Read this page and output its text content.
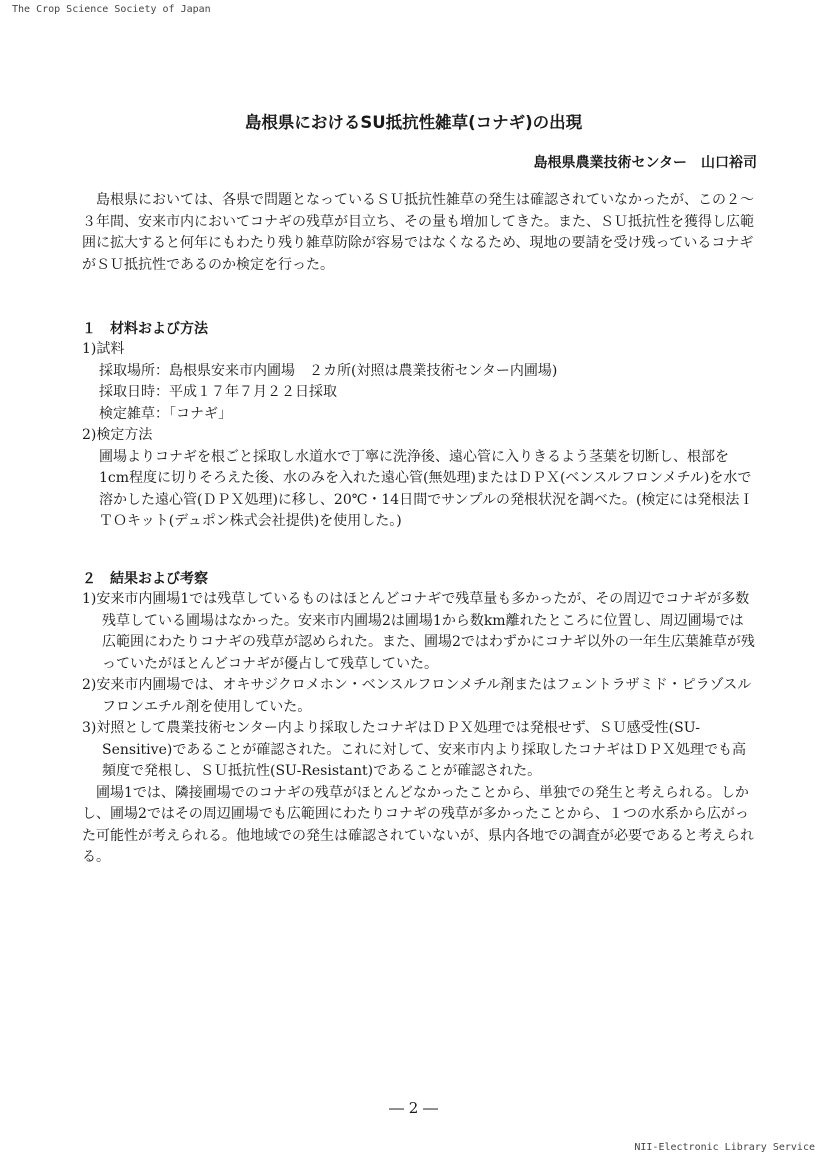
The Crop Science Society of Japan
島根県におけるSU抵抗性雑草(コナギ)の出現
島根県農業技術センター　山口裕司

島根県においては、各県で問題となっているＳＵ抵抗性雑草の発生は確認されていなかったが、この２～３年間、安来市内においてコナギの残草が目立ち、その量も増加してきた。また、ＳＵ抵抗性を獲得し広範囲に拡大すると何年にもわたり残り雑草防除が容易ではなくなるため、現地の要請を受け残っているコナギがＳＵ抵抗性であるのか検定を行った。

１　材料および方法

1)試料

採取場所：島根県安来市内圃場　２カ所(対照は農業技術センター内圃場)

採取日時：平成１７年７月２２日採取

検定雑草：「コナギ」

2)検定方法

圃場よりコナギを根ごと採取し水道水で丁寧に洗浄後、遠心管に入りきるよう茎葉を切断し、根部を1cm程度に切りそろえた後、水のみを入れた遠心管(無処理)またはＤＰＸ(ベンスルフロンメチル)を水で溶かした遠心管(ＤＰＸ処理)に移し、20℃・14日間でサンプルの発根状況を調べた。(検定には発根法ＩＴＯキット(デュポン株式会社提供)を使用した。)

２　結果および考察

1)安来市内圃場1では残草しているものはほとんどコナギで残草量も多かったが、その周辺でコナギが多数残草している圃場はなかった。安来市内圃場2は圃場1から数km離れたところに位置し、周辺圃場では広範囲にわたりコナギの残草が認められた。また、圃場2ではわずかにコナギ以外の一年生広葉雑草が残っていたがほとんどコナギが優占して残草していた。

2)安来市内圃場では、オキサジクロメホン・ベンスルフロンメチル剤またはフェントラザミド・ピラゾスルフロンエチル剤を使用していた。

3)対照として農業技術センター内より採取したコナギはＤＰＸ処理では発根せず、ＳＵ感受性(SU-Sensitive)であることが確認された。これに対して、安来市内より採取したコナギはＤＰＸ処理でも高頻度で発根し、ＳＵ抵抗性(SU-Resistant)であることが確認された。

圃場1では、隣接圃場でのコナギの残草がほとんどなかったことから、単独での発生と考えられる。しかし、圃場2ではその周辺圃場でも広範囲にわたりコナギの残草が多かったことから、１つの水系から広がった可能性が考えられる。他地域での発生は確認されていないが、県内各地での調査が必要であると考えられる。

― 2 ―
NII-Electronic Library Service
